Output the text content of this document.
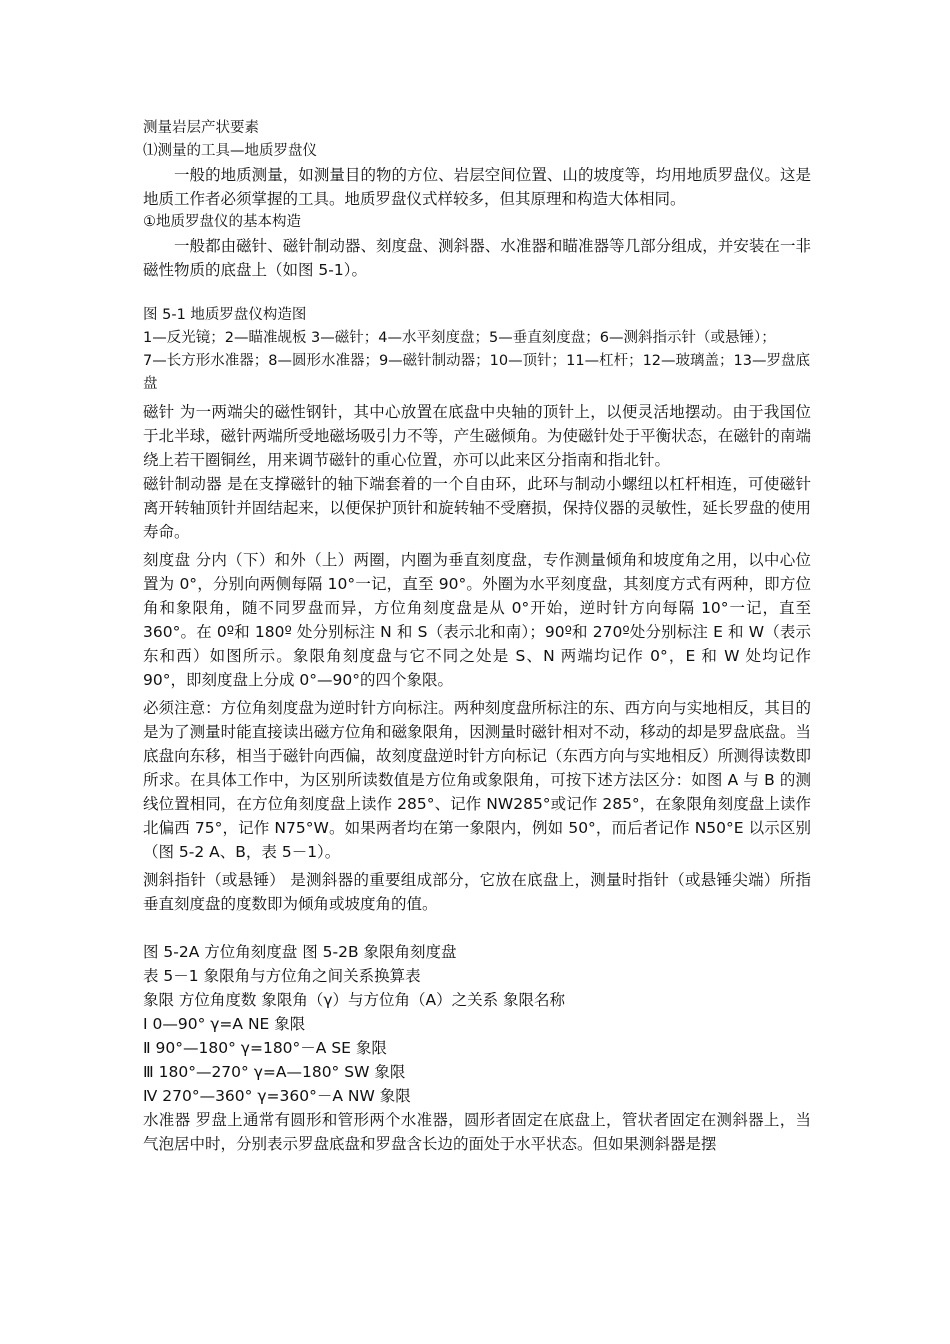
测量岩层产状要素

⑴测量的工具—地质罗盘仪

一般的地质测量，如测量目的物的方位、岩层空间位置、山的坡度等，均用地质罗盘仪。这是地质工作者必须掌握的工具。地质罗盘仪式样较多，但其原理和构造大体相同。

①地质罗盘仪的基本构造

一般都由磁针、磁针制动器、刻度盘、测斜器、水准器和瞄准器等几部分组成，并安装在一非磁性物质的底盘上（如图 5-1）。

图 5-1 地质罗盘仪构造图

1—反光镜；2—瞄准觇板 3—磁针；4—水平刻度盘；5—垂直刻度盘；6—测斜指示针（或悬锤）；

7—长方形水准器；8—圆形水准器；9—磁针制动器；10—顶针；11—杠杆；12—玻璃盖；13—罗盘底盘

磁针 为一两端尖的磁性钢针，其中心放置在底盘中央轴的顶针上，以便灵活地摆动。由于我国位于北半球，磁针两端所受地磁场吸引力不等，产生磁倾角。为使磁针处于平衡状态，在磁针的南端绕上若干圈铜丝，用来调节磁针的重心位置，亦可以此来区分指南和指北针。

磁针制动器 是在支撑磁针的轴下端套着的一个自由环，此环与制动小螺纽以杠杆相连，可使磁针离开转轴顶针并固结起来，以便保护顶针和旋转轴不受磨损，保持仪器的灵敏性，延长罗盘的使用寿命。

刻度盘 分内（下）和外（上）两圈，内圈为垂直刻度盘，专作测量倾角和坡度角之用，以中心位置为 0°，分别向两侧每隔 10°一记，直至 90°。外圈为水平刻度盘，其刻度方式有两种，即方位角和象限角，随不同罗盘而异，方位角刻度盘是从 0°开始，逆时针方向每隔 10°一记，直至 360°。在 0º和 180º 处分别标注 N 和 S（表示北和南）；90º和 270º处分别标注 E 和 W（表示东和西）如图所示。象限角刻度盘与它不同之处是 S、N 两端均记作 0°，E 和 W 处均记作 90°，即刻度盘上分成 0°—90°的四个象限。

必须注意：方位角刻度盘为逆时针方向标注。两种刻度盘所标注的东、西方向与实地相反，其目的是为了测量时能直接读出磁方位角和磁象限角，因测量时磁针相对不动，移动的却是罗盘底盘。当底盘向东移，相当于磁针向西偏，故刻度盘逆时针方向标记（东西方向与实地相反）所测得读数即所求。在具体工作中，为区别所读数值是方位角或象限角，可按下述方法区分：如图 A 与 B 的测线位置相同，在方位角刻度盘上读作 285°、记作 NW285°或记作 285°，在象限角刻度盘上读作北偏西 75°，记作 N75°W。如果两者均在第一象限内，例如 50°，而后者记作 N50°E 以示区别（图 5-2 A、B，表 5－1）。

测斜指针（或悬锤） 是测斜器的重要组成部分，它放在底盘上，测量时指针（或悬锤尖端）所指垂直刻度盘的度数即为倾角或坡度角的值。

图 5-2A 方位角刻度盘 图 5-2B 象限角刻度盘

表 5－1 象限角与方位角之间关系换算表

象限 方位角度数 象限角（γ）与方位角（A）之关系 象限名称

Ⅰ 0—90° γ=A NE 象限

Ⅱ 90°—180° γ=180°－A SE 象限

Ⅲ 180°—270° γ=A—180° SW 象限

Ⅳ 270°—360° γ=360°－A NW 象限

水准器 罗盘上通常有圆形和管形两个水准器，圆形者固定在底盘上，管状者固定在测斜器上，当气泡居中时，分别表示罗盘底盘和罗盘含长边的面处于水平状态。但如果测斜器是摆
